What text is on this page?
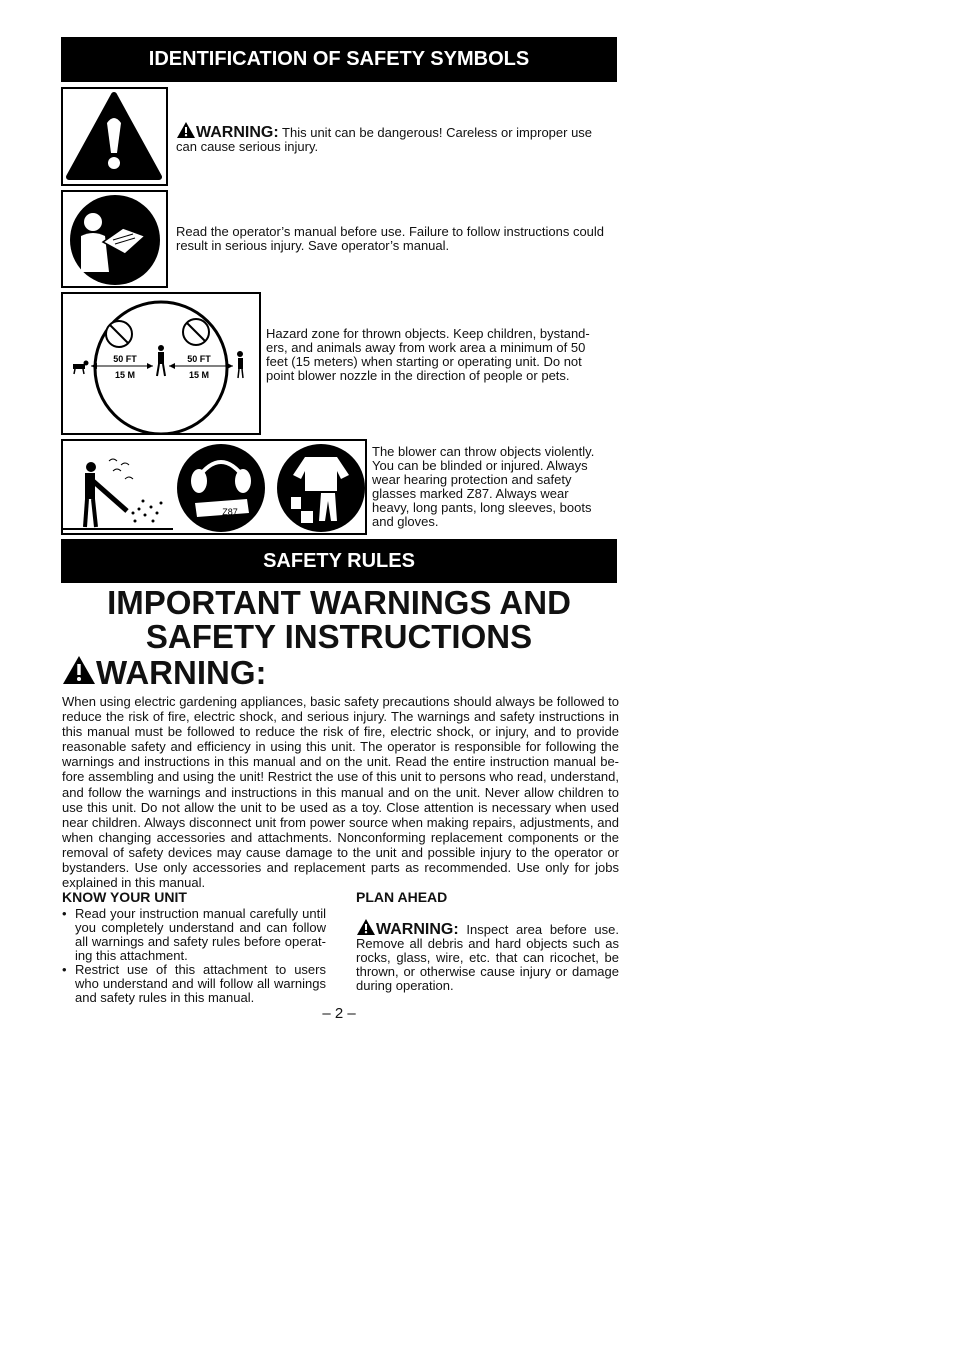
IDENTIFICATION OF SAFETY SYMBOLS
WARNING: This unit can be dangerous! Careless or improper use can cause serious injury.
Read the operator’s manual before use. Failure to follow instructions could result in serious injury. Save operator’s manual.
50 FT
15 M
50 FT
15 M
Hazard zone for thrown objects. Keep children, bystand-ers, and animals away from work area a minimum of 50 feet (15 meters) when starting or operating unit. Do not point blower nozzle in the direction of people or pets.
Z87
The blower can throw objects violently. You can be blinded or injured. Always wear hearing protection and safety glasses marked Z87. Always wear heavy, long pants, long sleeves, boots and gloves.
SAFETY RULES
IMPORTANT WARNINGS AND
SAFETY INSTRUCTIONS
WARNING:
When using electric gardening appliances, basic safety precautions should always be followed to reduce the risk of fire, electric shock, and serious injury. The warnings and safety instructions in this manual must be followed to reduce the risk of fire, electric shock, or injury, and to provide reasonable safety and efficiency in using this unit. The operator is responsible for following the warnings and instructions in this manual and on the unit. Read the entire instruction manual be-fore assembling and using the unit! Restrict the use of this unit to persons who read, understand, and follow the warnings and instructions in this manual and on the unit. Never allow children to use this unit. Do not allow the unit to be used as a toy. Close attention is necessary when used near children. Always disconnect unit from power source when making repairs, adjustments, and when changing accessories and attachments. Nonconforming replacement components or the removal of safety devices may cause damage to the unit and possible injury to the operator or bystanders. Use only accessories and replacement parts as recommended. Use only for jobs explained in this manual.
KNOW YOUR UNIT
• Read your instruction manual carefully until you completely understand and can follow all warnings and safety rules before operat-ing this attachment.
• Restrict use of this attachment to users who understand and will follow all warnings and safety rules in this manual.
PLAN AHEAD
WARNING: Inspect area before use. Remove all debris and hard objects such as rocks, glass, wire, etc. that can ricochet, be thrown, or otherwise cause injury or damage during operation.
– 2 –
